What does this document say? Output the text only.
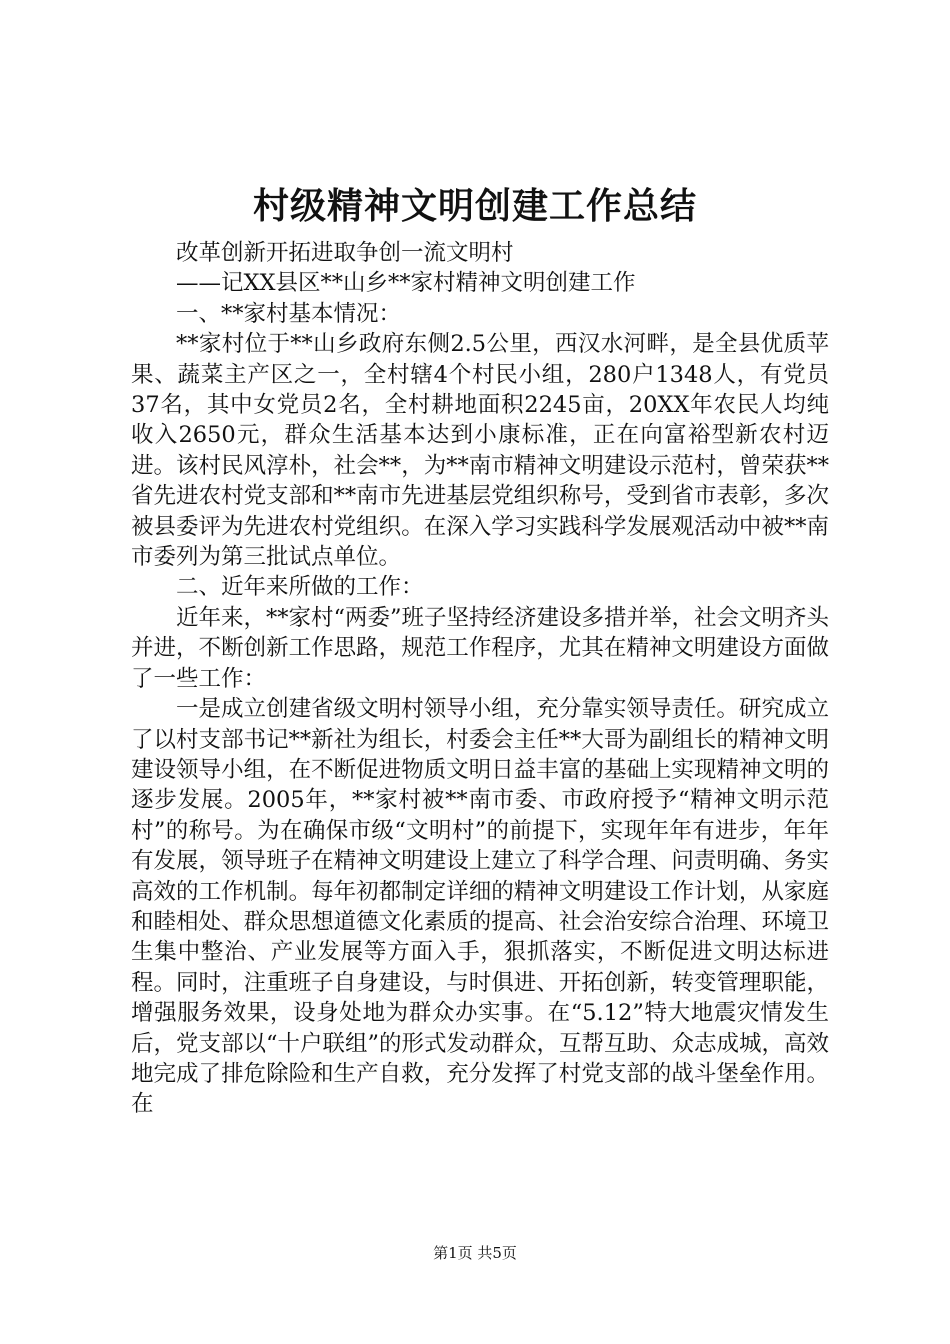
村级精神文明创建工作总结

改革创新开拓进取争创一流文明村

——记XX县区**山乡**家村精神文明创建工作

一、**家村基本情况：

**家村位于**山乡政府东侧2.5公里，西汉水河畔，是全县优质苹果、蔬菜主产区之一，全村辖4个村民小组，280户1348人，有党员37名，其中女党员2名，全村耕地面积2245亩，20XX年农民人均纯收入2650元，群众生活基本达到小康标准，正在向富裕型新农村迈进。该村民风淳朴，社会**，为**南市精神文明建设示范村，曾荣获**省先进农村党支部和**南市先进基层党组织称号，受到省市表彰，多次被县委评为先进农村党组织。在深入学习实践科学发展观活动中被**南市委列为第三批试点单位。

二、近年来所做的工作：

近年来，**家村“两委”班子坚持经济建设多措并举，社会文明齐头并进，不断创新工作思路，规范工作程序，尤其在精神文明建设方面做了一些工作：

一是成立创建省级文明村领导小组，充分靠实领导责任。研究成立了以村支部书记**新社为组长，村委会主任**大哥为副组长的精神文明建设领导小组，在不断促进物质文明日益丰富的基础上实现精神文明的逐步发展。2005年，**家村被**南市委、市政府授予“精神文明示范村”的称号。为在确保市级“文明村”的前提下，实现年年有进步，年年有发展，领导班子在精神文明建设上建立了科学合理、问责明确、务实高效的工作机制。每年初都制定详细的精神文明建设工作计划，从家庭和睦相处、群众思想道德文化素质的提高、社会治安综合治理、环境卫生集中整治、产业发展等方面入手，狠抓落实，不断促进文明达标进程。同时，注重班子自身建设，与时俱进、开拓创新，转变管理职能，增强服务效果，设身处地为群众办实事。在“5.12”特大地震灾情发生后，党支部以“十户联组”的形式发动群众，互帮互助、众志成城，高效地完成了排危除险和生产自救，充分发挥了村党支部的战斗堡垒作用。在

第1页 共5页
